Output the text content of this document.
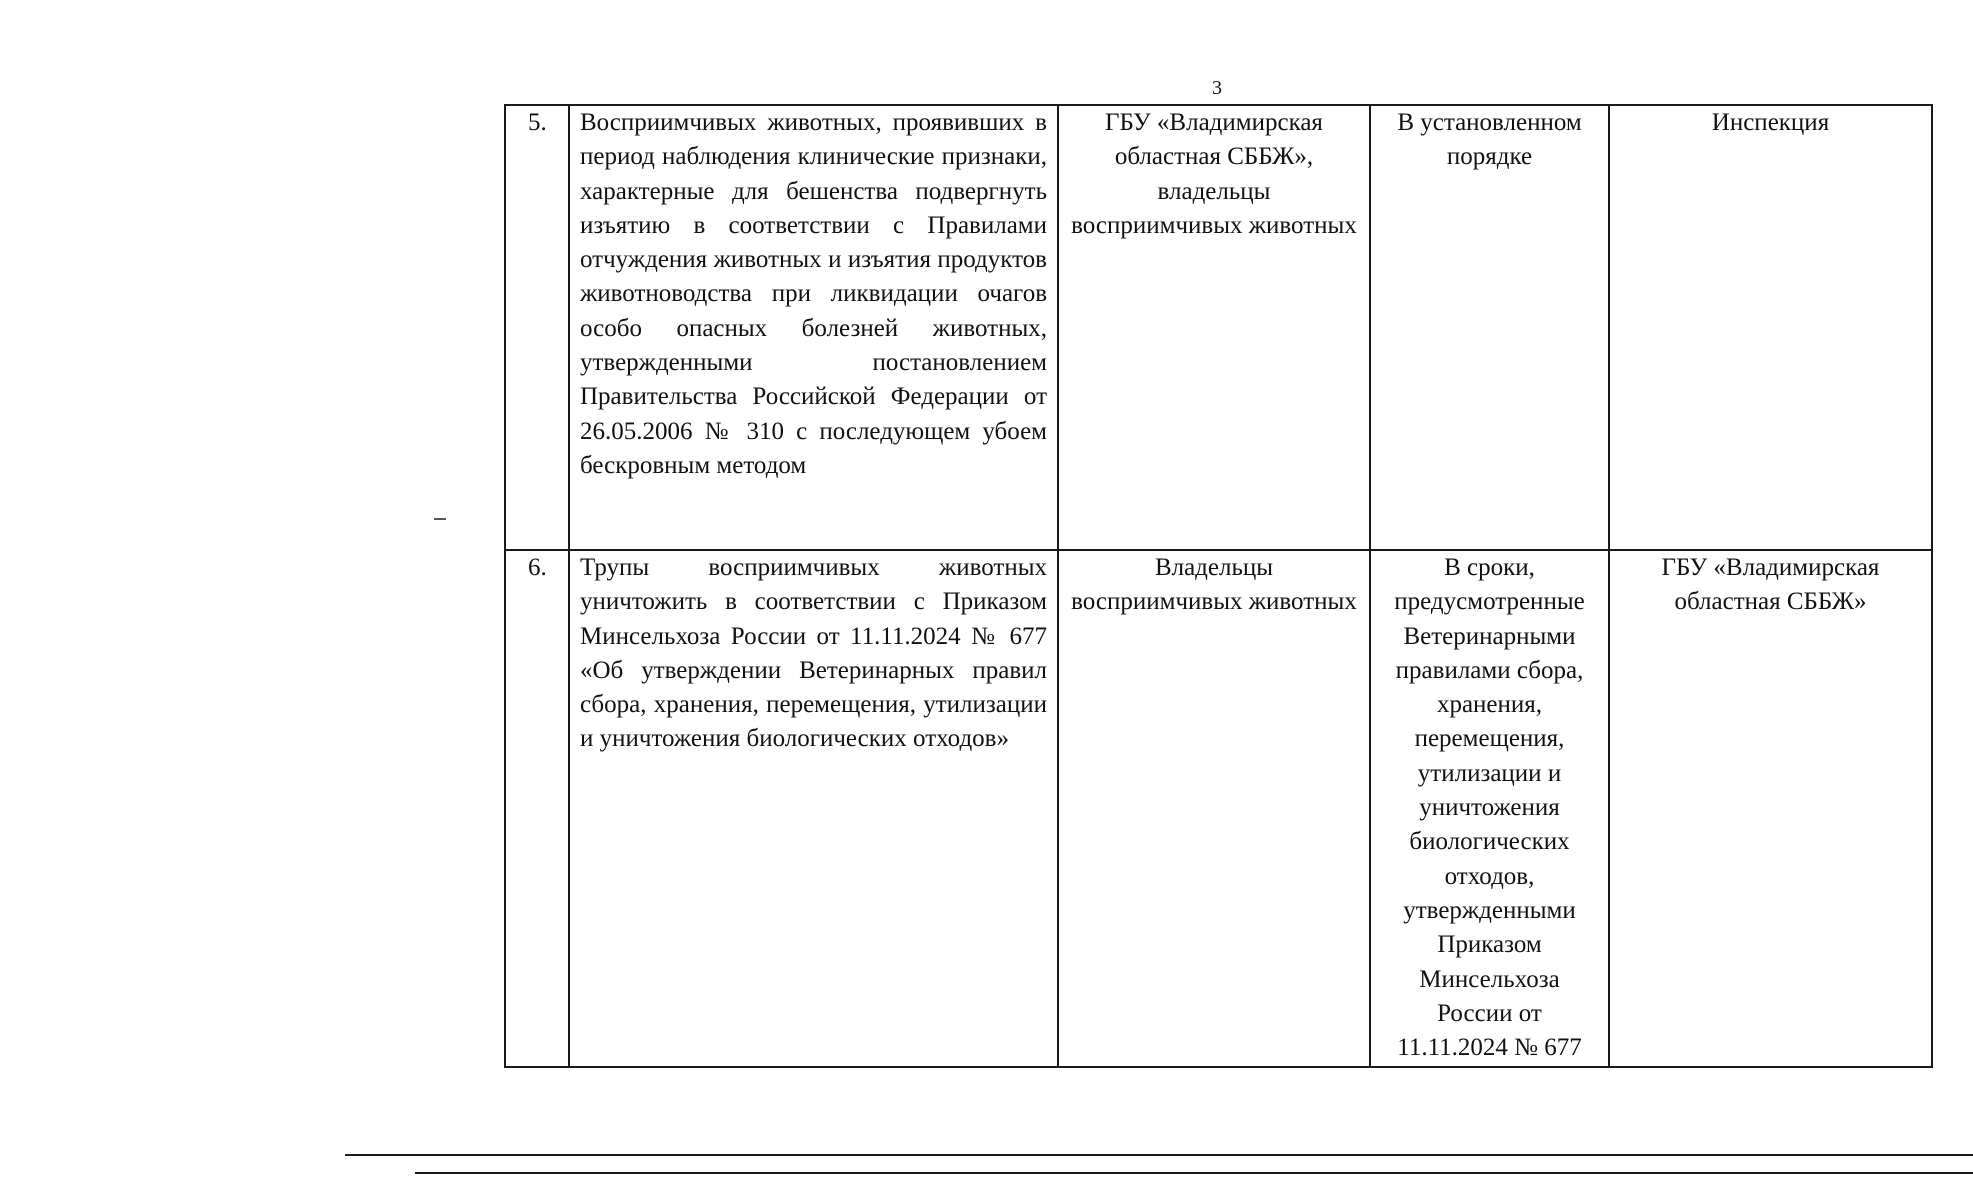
3
5.	Восприимчивых животных, проявивших в период наблюдения клинические признаки, характерные для бешенства подвергнуть изъятию в соответствии с Правилами отчуждения животных и изъятия продуктов животноводства при ликвидации очагов особо опасных болезней животных, утвержденными постановлением Правительства Российской Федерации от 26.05.2006 № 310 с последующем убоем бескровным методом	ГБУ «Владимирская областная СББЖ», владельцы восприимчивых животных	В установленном порядке	Инспекция
6.	Трупы восприимчивых животных уничтожить в соответствии с Приказом Минсельхоза России от 11.11.2024 № 677 «Об утверждении Ветеринарных правил сбора, хранения, перемещения, утилизации и уничтожения биологических отходов»	Владельцы восприимчивых животных	В сроки, предусмотренные Ветеринарными правилами сбора, хранения, перемещения, утилизации и уничтожения биологических отходов, утвержденными Приказом Минсельхоза России от 11.11.2024 № 677	ГБУ «Владимирская областная СББЖ»
